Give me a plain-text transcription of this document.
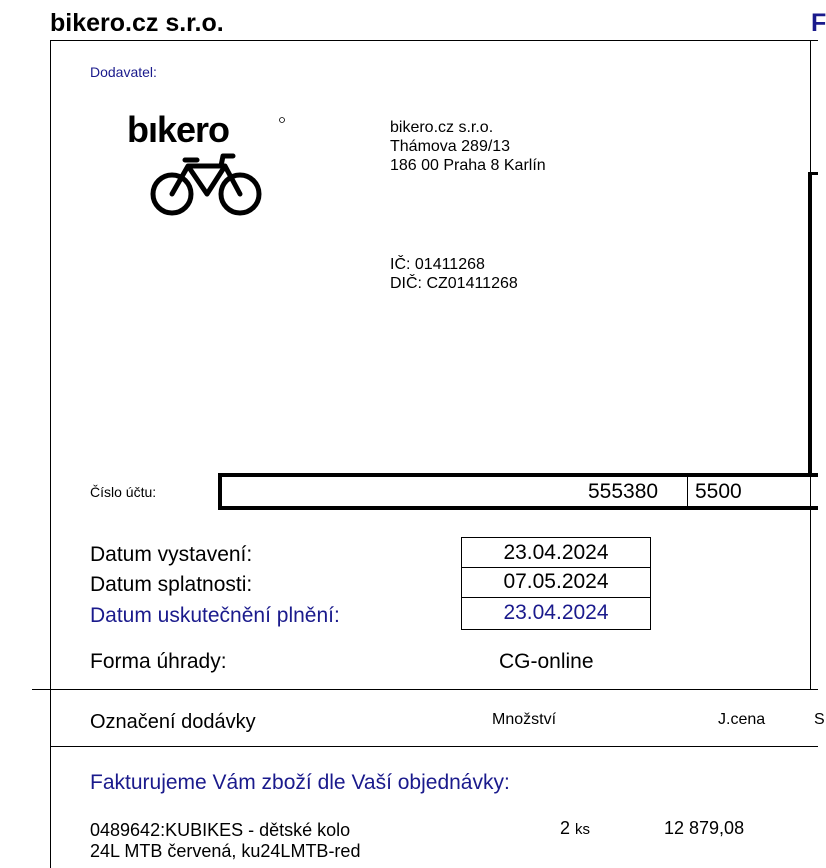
bikero.cz s.r.o.	F
Dodavatel:
bıkero	bikero.cz s.r.o.
Thámova 289/13
186 00 Praha 8 Karlín
IČ: 01411268
DIČ: CZ01411268
Číslo účtu:	555380 5500
Datum vystavení:	23.04.2024
Datum splatnosti:	07.05.2024
Datum uskutečnění plnění:	23.04.2024
Forma úhrady:	CG-online
Označení dodávky	Množství	J.cena	S
Fakturujeme Vám zboží dle Vaší objednávky:
0489642:KUBIKES - dětské kolo
24L MTB červená, ku24LMTB-red
2 ks	12 879,08
